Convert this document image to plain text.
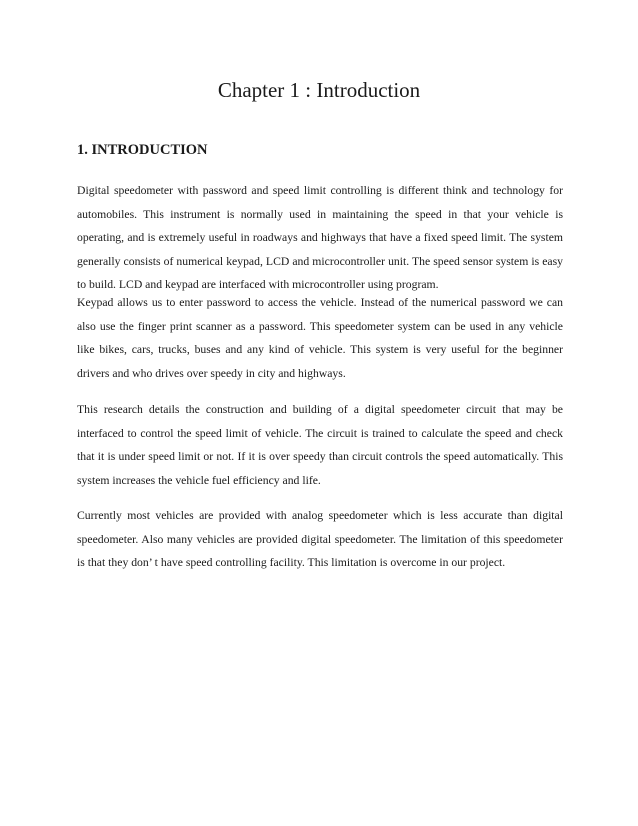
Chapter 1 : Introduction
1. INTRODUCTION

Digital speedometer with password and speed limit controlling is different think and technology for automobiles. This instrument is normally used in maintaining the speed in that your vehicle is operating, and is extremely useful in roadways and highways that have a fixed speed limit. The system generally consists of numerical keypad, LCD and microcontroller unit. The speed sensor system is easy to build. LCD and keypad are interfaced with microcontroller using program.

Keypad allows us to enter password to access the vehicle. Instead of the numerical password we can also use the finger print scanner as a password. This speedometer system can be used in any vehicle like bikes, cars, trucks, buses and any kind of vehicle. This system is very useful for the beginner drivers and who drives over speedy in city and highways.

This research details the construction and building of a digital speedometer circuit that may be interfaced to control the speed limit of vehicle. The circuit is trained to calculate the speed and check that it is under speed limit or not. If it is over speedy than circuit controls the speed automatically. This system increases the vehicle fuel efficiency and life.

Currently most vehicles are provided with analog speedometer which is less accurate than digital speedometer. Also many vehicles are provided digital speedometer. The limitation of this speedometer is that they don’ t have speed controlling facility. This limitation is overcome in our project.
